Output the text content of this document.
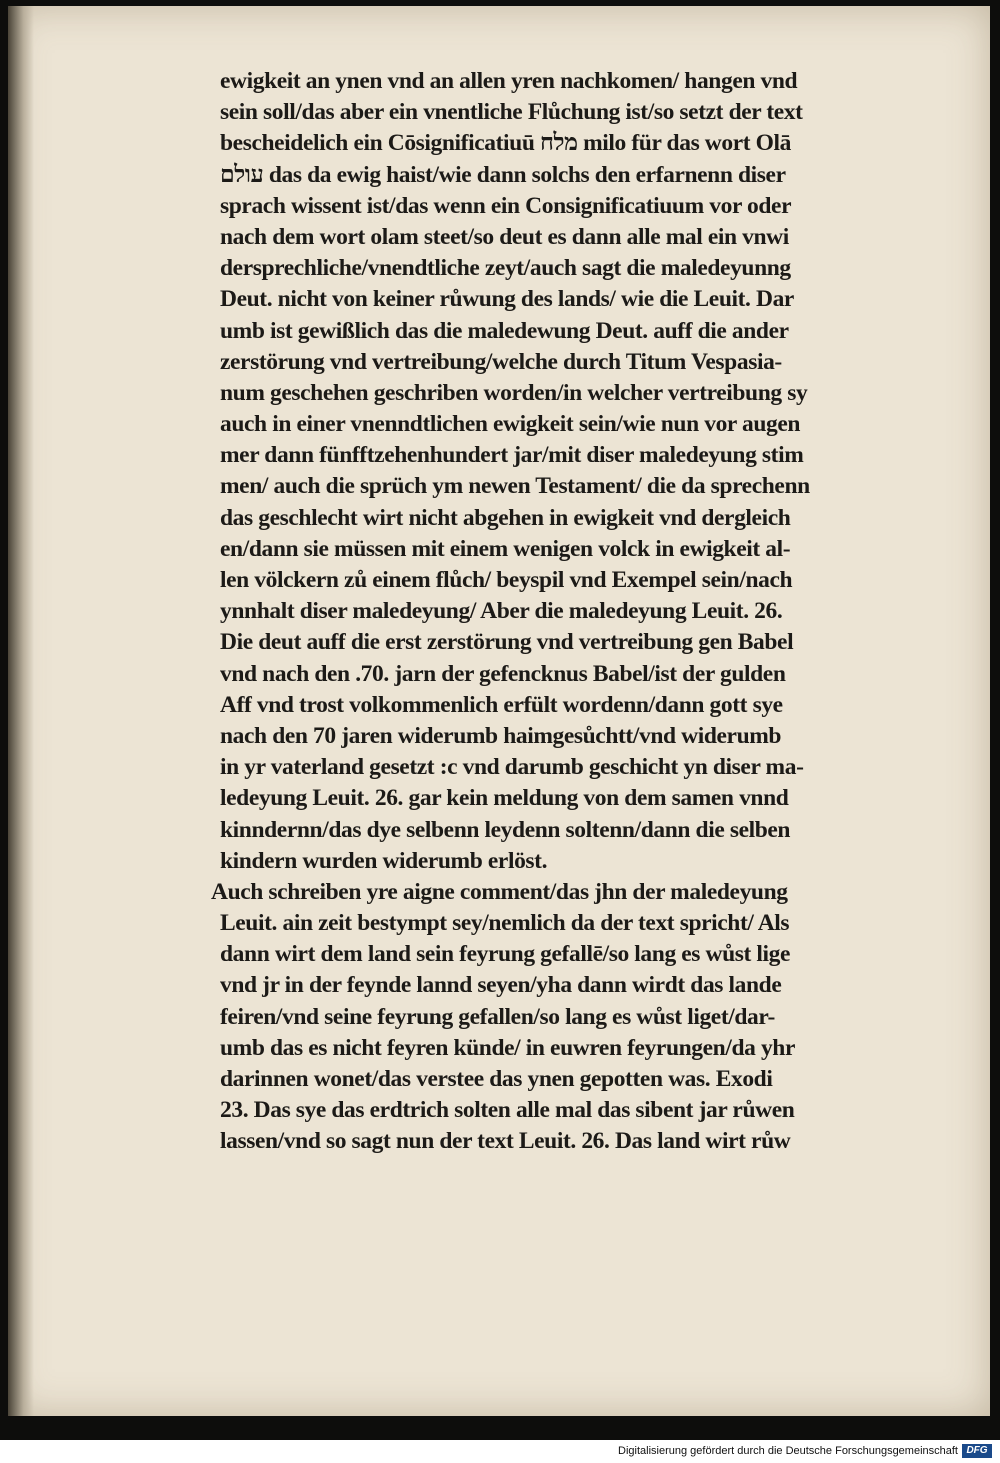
ewigkeit an ynen vnd an allen yren nachkomen/ hangen vnd
sein soll/das aber ein vnentliche Flůchung ist/so setzt der text
bescheidelich ein Cōsignificatiuū מלח milo für das wort Olā
עולם das da ewig haist/wie dann solchs den erfarnenn diser
sprach wissent ist/das wenn ein Consignificatiuum vor oder
nach dem wort olam steet/so deut es dann alle mal ein vnwi
dersprechliche/vnendtliche zeyt/auch sagt die maledeyunng
Deut. nicht von keiner růwung des lands/ wie die Leuit. Dar
umb ist gewißlich das die maledewung Deut. auff die ander
zerstörung vnd vertreibung/welche durch Titum Vespasia-
num geschehen geschriben worden/in welcher vertreibung sy
auch in einer vnenndtlichen ewigkeit sein/wie nun vor augen
mer dann fünfftzehenhundert jar/mit diser maledeyung stim
men/ auch die sprüch ym newen Testament/ die da sprechenn
das geschlecht wirt nicht abgehen in ewigkeit vnd dergleich
en/dann sie müssen mit einem wenigen volck in ewigkeit al-
len völckern zů einem flůch/ beyspil vnd Exempel sein/nach
ynnhalt diser maledeyung/ Aber die maledeyung Leuit. 26.
Die deut auff die erst zerstörung vnd vertreibung gen Babel
vnd nach den .70. jarn der gefencknus Babel/ist der gulden
Aff vnd trost volkommenlich erfült wordenn/dann gott sye
nach den 70 jaren widerumb haimgesůchtt/vnd widerumb
in yr vaterland gesetzt :c vnd darumb geschicht yn diser ma-
ledeyung Leuit. 26. gar kein meldung von dem samen vnnd
kinndernn/das dye selbenn leydenn soltenn/dann die selben
kindern wurden widerumb erlöst.
Auch schreiben yre aigne comment/das jhn der maledeyung
Leuit. ain zeit bestympt sey/nemlich da der text spricht/ Als
dann wirt dem land sein feyrung gefallē/so lang es wůst lige
vnd jr in der feynde lannd seyen/yha dann wirdt das lande
feiren/vnd seine feyrung gefallen/so lang es wůst liget/dar-
umb das es nicht feyren künde/ in euwren feyrungen/da yhr
darinnen wonet/das verstee das ynen gepotten was. Exodi
23. Das sye das erdtrich solten alle mal das sibent jar růwen
lassen/vnd so sagt nun der text Leuit. 26. Das land wirt růw
Digitalisierung gefördert durch die Deutsche Forschungsgemeinschaft DFG
